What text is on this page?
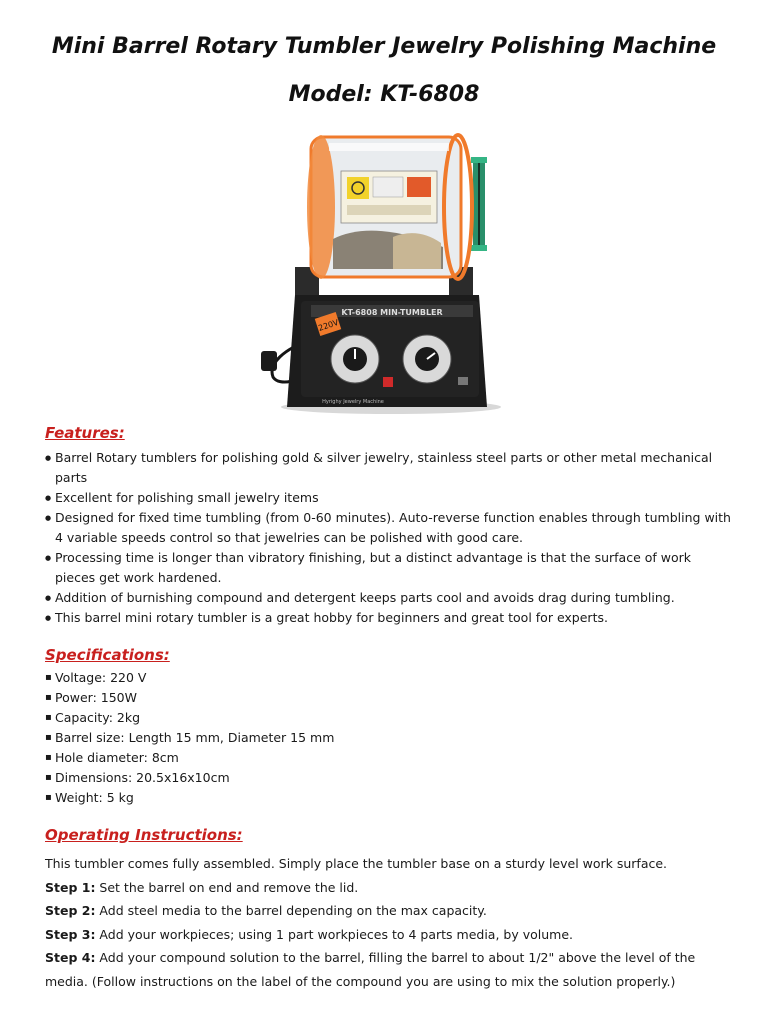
Mini Barrel Rotary Tumbler Jewelry Polishing Machine
Model: KT-6808
KT-6808 MIN-TUMBLER
220V
Hyrighy Jewelry Machine
Features:
● Barrel Rotary tumblers for polishing gold & silver jewelry, stainless steel parts or other metal mechanical parts
● Excellent for polishing small jewelry items
● Designed for fixed time tumbling (from 0-60 minutes). Auto-reverse function enables through tumbling with 4 variable speeds control so that jewelries can be polished with good care.
● Processing time is longer than vibratory finishing, but a distinct advantage is that the surface of work pieces get work hardened.
● Addition of burnishing compound and detergent keeps parts cool and avoids drag during tumbling.
● This barrel mini rotary tumbler is a great hobby for beginners and great tool for experts.
Specifications:
▪ Voltage: 220 V
▪ Power: 150W
▪ Capacity: 2kg
▪ Barrel size: Length 15 mm, Diameter 15 mm
▪ Hole diameter: 8cm
▪ Dimensions: 20.5x16x10cm
▪ Weight: 5 kg
Operating Instructions:

This tumbler comes fully assembled. Simply place the tumbler base on a sturdy level work surface.

Step 1: Set the barrel on end and remove the lid.

Step 2: Add steel media to the barrel depending on the max capacity.

Step 3: Add your workpieces; using 1 part workpieces to 4 parts media, by volume.

Step 4: Add your compound solution to the barrel, filling the barrel to about 1/2" above the level of the media. (Follow instructions on the label of the compound you are using to mix the solution properly.)
